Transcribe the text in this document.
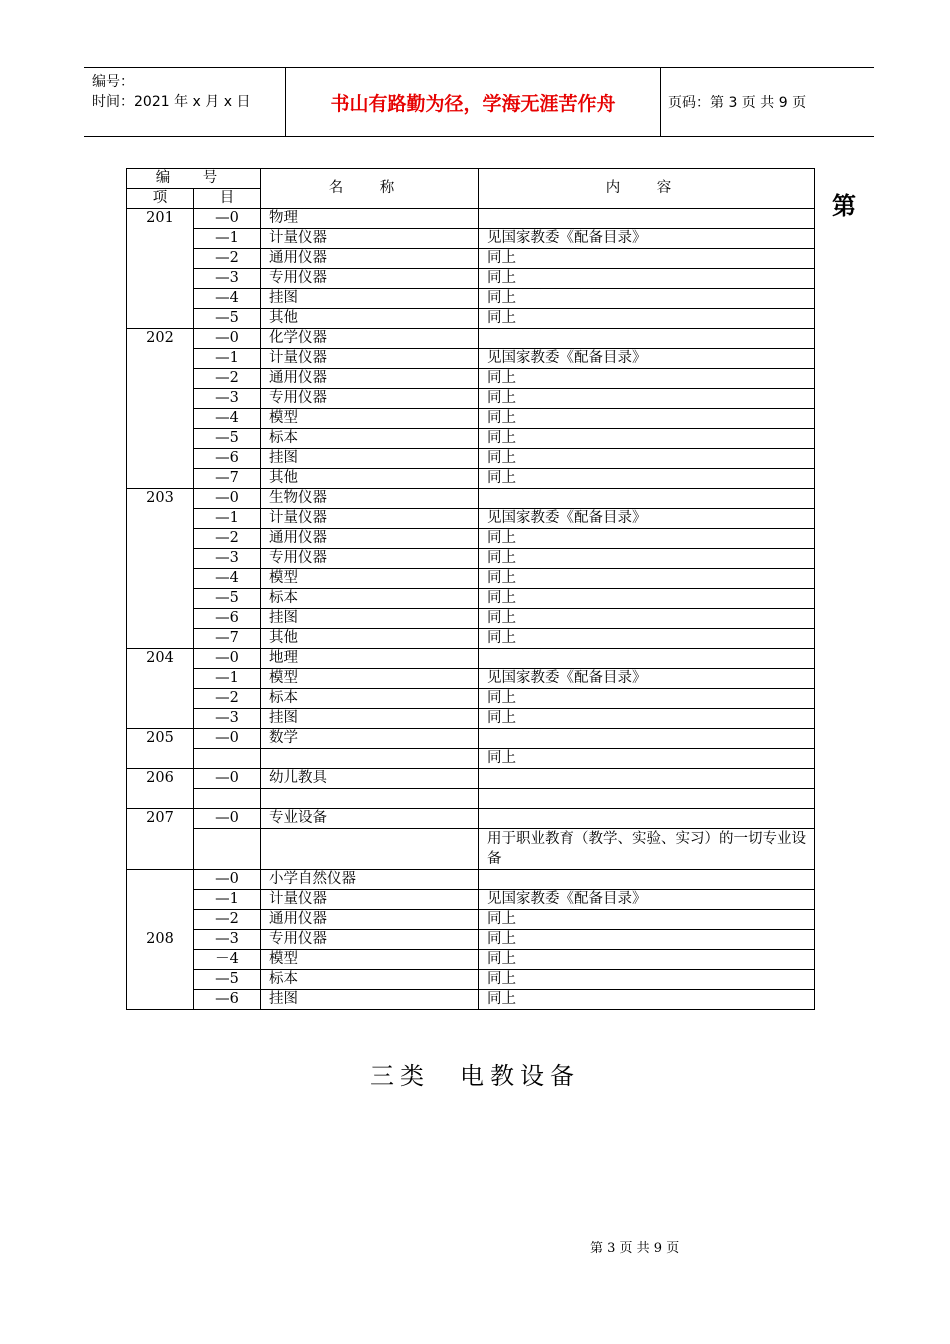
编号：
时间：2021 年 x 月 x 日	书山有路勤为径，学海无涯苦作舟	页码：第 3 页 共 9 页
第
编 号		名 称	内 容
项	目		
201	—0	物理	
	—1	计量仪器	见国家教委《配备目录》
	—2	通用仪器	同上
	—3	专用仪器	同上
	—4	挂图	同上
	—5	其他	同上
202	—0	化学仪器	
	—1	计量仪器	见国家教委《配备目录》
	—2	通用仪器	同上
	—3	专用仪器	同上
	—4	模型	同上
	—5	标本	同上
	—6	挂图	同上
	—7	其他	同上
203	—0	生物仪器	
	—1	计量仪器	见国家教委《配备目录》
	—2	通用仪器	同上
	—3	专用仪器	同上
	—4	模型	同上
	—5	标本	同上
	—6	挂图	同上
	—7	其他	同上
204	—0	地理	
	—1	模型	见国家教委《配备目录》
	—2	标本	同上
	—3	挂图	同上
205	—0	数学	
			同上
206	—0	幼儿教具	

207	—0	专业设备	
			用于职业教育（教学、实验、实习）的一切专业设备
208	—0	小学自然仪器	
	—1	计量仪器	见国家教委《配备目录》
	—2	通用仪器	同上
	—3	专用仪器	同上
	－4	模型	同上
	—5	标本	同上
	—6	挂图	同上
三类　电教设备
第 3 页 共 9 页
